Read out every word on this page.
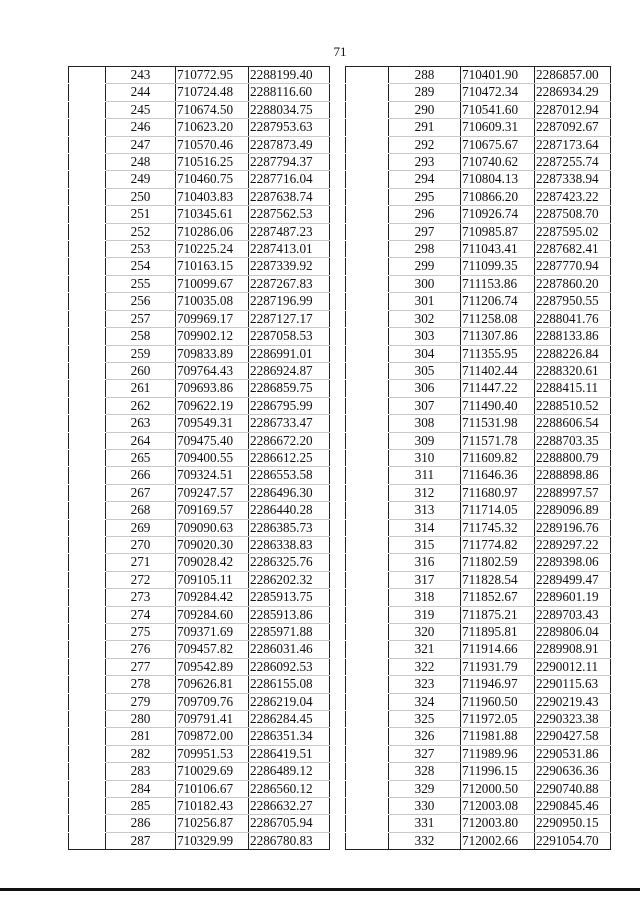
71
	243	710772.95	2288199.40
	244	710724.48	2288116.60
	245	710674.50	2288034.75
	246	710623.20	2287953.63
	247	710570.46	2287873.49
	248	710516.25	2287794.37
	249	710460.75	2287716.04
	250	710403.83	2287638.74
	251	710345.61	2287562.53
	252	710286.06	2287487.23
	253	710225.24	2287413.01
	254	710163.15	2287339.92
	255	710099.67	2287267.83
	256	710035.08	2287196.99
	257	709969.17	2287127.17
	258	709902.12	2287058.53
	259	709833.89	2286991.01
	260	709764.43	2286924.87
	261	709693.86	2286859.75
	262	709622.19	2286795.99
	263	709549.31	2286733.47
	264	709475.40	2286672.20
	265	709400.55	2286612.25
	266	709324.51	2286553.58
	267	709247.57	2286496.30
	268	709169.57	2286440.28
	269	709090.63	2286385.73
	270	709020.30	2286338.83
	271	709028.42	2286325.76
	272	709105.11	2286202.32
	273	709284.42	2285913.75
	274	709284.60	2285913.86
	275	709371.69	2285971.88
	276	709457.82	2286031.46
	277	709542.89	2286092.53
	278	709626.81	2286155.08
	279	709709.76	2286219.04
	280	709791.41	2286284.45
	281	709872.00	2286351.34
	282	709951.53	2286419.51
	283	710029.69	2286489.12
	284	710106.67	2286560.12
	285	710182.43	2286632.27
	286	710256.87	2286705.94
	287	710329.99	2286780.83
	288	710401.90	2286857.00
	289	710472.34	2286934.29
	290	710541.60	2287012.94
	291	710609.31	2287092.67
	292	710675.67	2287173.64
	293	710740.62	2287255.74
	294	710804.13	2287338.94
	295	710866.20	2287423.22
	296	710926.74	2287508.70
	297	710985.87	2287595.02
	298	711043.41	2287682.41
	299	711099.35	2287770.94
	300	711153.86	2287860.20
	301	711206.74	2287950.55
	302	711258.08	2288041.76
	303	711307.86	2288133.86
	304	711355.95	2288226.84
	305	711402.44	2288320.61
	306	711447.22	2288415.11
	307	711490.40	2288510.52
	308	711531.98	2288606.54
	309	711571.78	2288703.35
	310	711609.82	2288800.79
	311	711646.36	2288898.86
	312	711680.97	2288997.57
	313	711714.05	2289096.89
	314	711745.32	2289196.76
	315	711774.82	2289297.22
	316	711802.59	2289398.06
	317	711828.54	2289499.47
	318	711852.67	2289601.19
	319	711875.21	2289703.43
	320	711895.81	2289806.04
	321	711914.66	2289908.91
	322	711931.79	2290012.11
	323	711946.97	2290115.63
	324	711960.50	2290219.43
	325	711972.05	2290323.38
	326	711981.88	2290427.58
	327	711989.96	2290531.86
	328	711996.15	2290636.36
	329	712000.50	2290740.88
	330	712003.08	2290845.46
	331	712003.80	2290950.15
	332	712002.66	2291054.70
